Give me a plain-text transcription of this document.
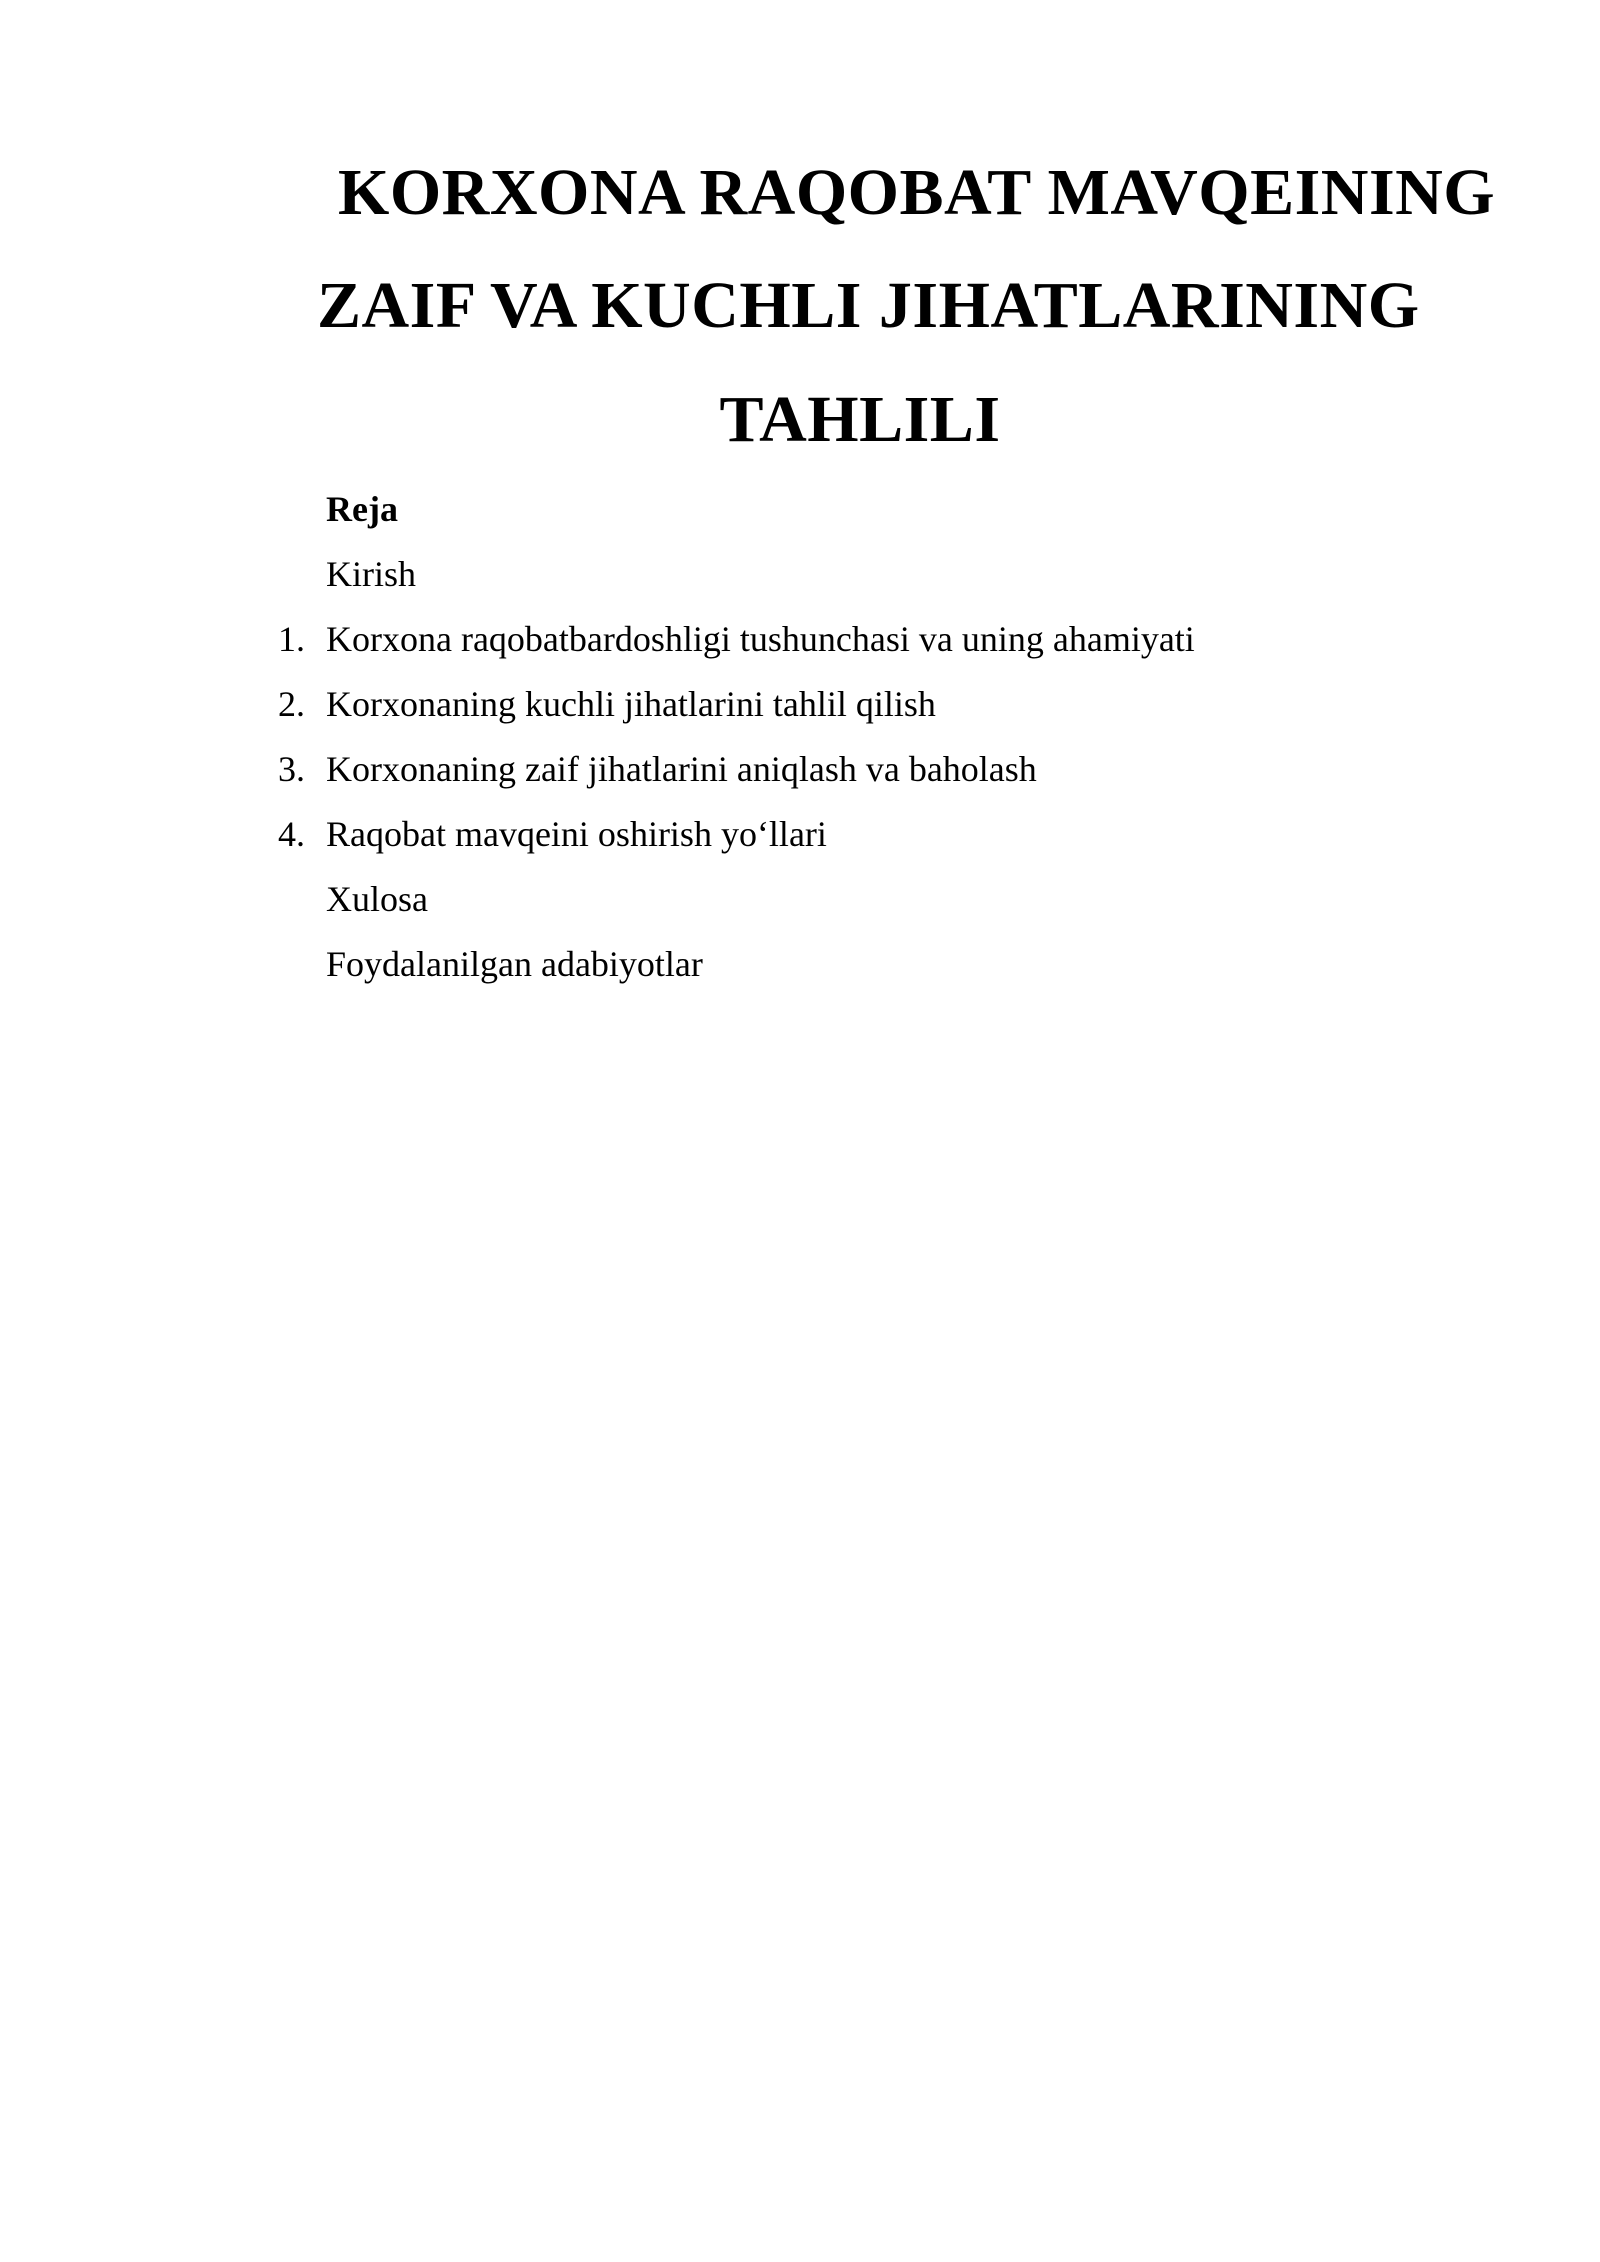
KORXONA RAQOBAT MAVQEINING
ZAIF VA KUCHLI JIHATLARINING
TAHLILI

Reja

Kirish

1. Korxona raqobatbardoshligi tushunchasi va uning ahamiyati

2. Korxonaning kuchli jihatlarini tahlil qilish

3. Korxonaning zaif jihatlarini aniqlash va baholash

4. Raqobat mavqeini oshirish yo‘llari

Xulosa

Foydalanilgan adabiyotlar
